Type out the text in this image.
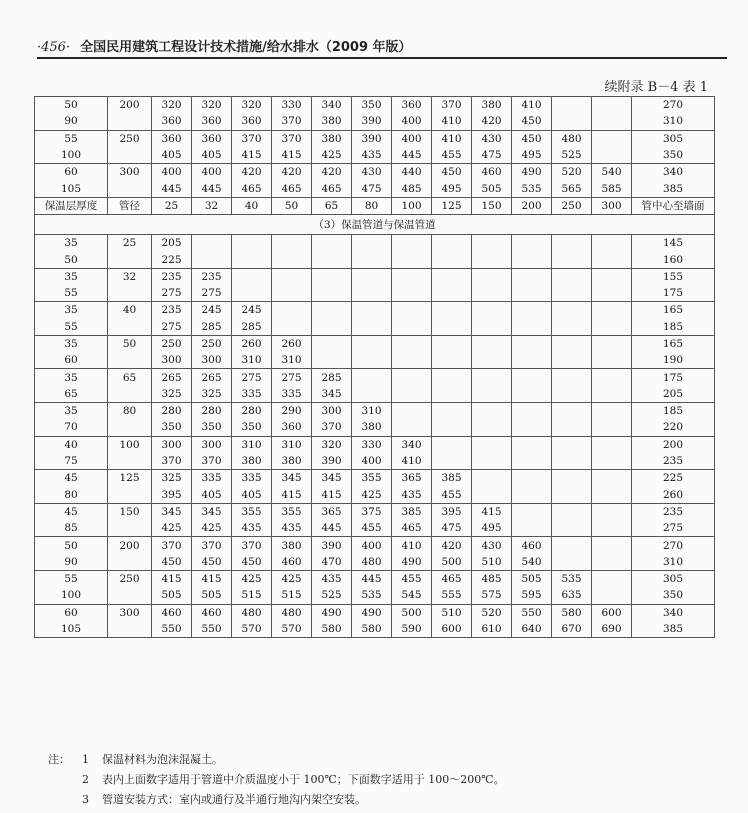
·456· 全国民用建筑工程设计技术措施/给水排水（2009 年版）
续附录 B－4 表 1
50	200	320	320	320	330	340	350	360	370	380	410			270
90		360	360	360	370	380	390	400	410	420	450			310
55	250	360	360	370	370	380	390	400	410	430	450	480		305
100		405	405	415	415	425	435	445	455	475	495	525		350
60	300	400	400	420	420	420	430	440	450	460	490	520	540	340
105		445	445	465	465	465	475	485	495	505	535	565	585	385
保温层厚度	管径	25	32	40	50	65	80	100	125	150	200	250	300	管中心至墙面
（3）保温管道与保温管道														
35	25	205												145
50		225												160
35	32	235	235											155
55		275	275											175
35	40	235	245	245										165
55		275	285	285										185
35	50	250	250	260	260									165
60		300	300	310	310									190
35	65	265	265	275	275	285								175
65		325	325	335	335	345								205
35	80	280	280	280	290	300	310							185
70		350	350	350	360	370	380							220
40	100	300	300	310	310	320	330	340						200
75		370	370	380	380	390	400	410						235
45	125	325	335	335	345	345	355	365	385					225
80		395	405	405	415	415	425	435	455					260
45	150	345	345	355	355	365	375	385	395	415				235
85		425	425	435	435	445	455	465	475	495				275
50	200	370	370	370	380	390	400	410	420	430	460			270
90		450	450	450	460	470	480	490	500	510	540			310
55	250	415	415	425	425	435	445	455	465	485	505	535		305
100		505	505	515	515	525	535	545	555	575	595	635		350
60	300	460	460	480	480	490	490	500	510	520	550	580	600	340
105		550	550	570	570	580	580	590	600	610	640	670	690	385
注：	1	保温材料为泡沫混凝土。
2	表内上面数字适用于管道中介质温度小于 100℃；下面数字适用于 100～200℃。
3	管道安装方式：室内或通行及半通行地沟内架空安装。
